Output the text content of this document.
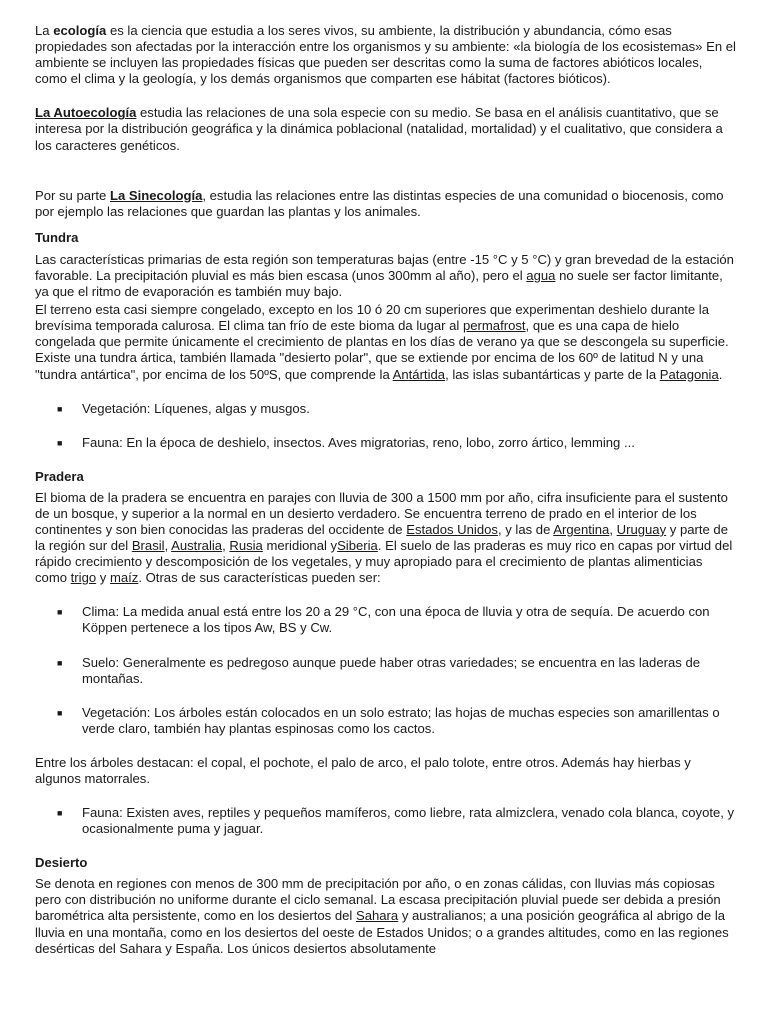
La ecología es la ciencia que estudia a los seres vivos, su ambiente, la distribución y abundancia, cómo esas propiedades son afectadas por la interacción entre los organismos y su ambiente: «la biología de los ecosistemas» En el ambiente se incluyen las propiedades físicas que pueden ser descritas como la suma de factores abióticos locales, como el clima y la geología, y los demás organismos que comparten ese hábitat (factores bióticos).

La Autoecología estudia las relaciones de una sola especie con su medio. Se basa en el análisis cuantitativo, que se interesa por la distribución geográfica y la dinámica poblacional (natalidad, mortalidad) y el cualitativo, que considera a los caracteres genéticos.

Por su parte La Sinecología, estudia las relaciones entre las distintas especies de una comunidad o biocenosis, como por ejemplo las relaciones que guardan las plantas y los animales.

Tundra

Las características primarias de esta región son temperaturas bajas (entre -15 °C y 5 °C) y gran brevedad de la estación favorable. La precipitación pluvial es más bien escasa (unos 300mm al año), pero el agua no suele ser factor limitante, ya que el ritmo de evaporación es también muy bajo.

El terreno esta casi siempre congelado, excepto en los 10 ó 20 cm superiores que experimentan deshielo durante la brevísima temporada calurosa. El clima tan frío de este bioma da lugar al permafrost, que es una capa de hielo congelada que permite únicamente el crecimiento de plantas en los días de verano ya que se descongela su superficie. Existe una tundra ártica, también llamada "desierto polar", que se extiende por encima de los 60º de latitud N y una "tundra antártica", por encima de los 50ºS, que comprende la Antártida, las islas subantárticas y parte de la Patagonia.

■ Vegetación: Líquenes, algas y musgos.
■ Fauna: En la época de deshielo, insectos. Aves migratorias, reno, lobo, zorro ártico, lemming ...
Pradera

El bioma de la pradera se encuentra en parajes con lluvia de 300 a 1500 mm por año, cifra insuficiente para el sustento de un bosque, y superior a la normal en un desierto verdadero. Se encuentra terreno de prado en el interior de los continentes y son bien conocidas las praderas del occidente de Estados Unidos, y las de Argentina, Uruguay y parte de la región sur del Brasil, Australia, Rusia meridional ySiberia. El suelo de las praderas es muy rico en capas por virtud del rápido crecimiento y descomposición de los vegetales, y muy apropiado para el crecimiento de plantas alimenticias como trigo y maíz. Otras de sus características pueden ser:

■ Clima: La medida anual está entre los 20 a 29 °C, con una época de lluvia y otra de sequía. De acuerdo con Köppen pertenece a los tipos Aw, BS y Cw.
■ Suelo: Generalmente es pedregoso aunque puede haber otras variedades; se encuentra en las laderas de montañas.
■ Vegetación: Los árboles están colocados en un solo estrato; las hojas de muchas especies son amarillentas o verde claro, también hay plantas espinosas como los cactos.

Entre los árboles destacan: el copal, el pochote, el palo de arco, el palo tolote, entre otros. Además hay hierbas y algunos matorrales.

■ Fauna: Existen aves, reptiles y pequeños mamíferos, como liebre, rata almizclera, venado cola blanca, coyote, y ocasionalmente puma y jaguar.
Desierto

Se denota en regiones con menos de 300 mm de precipitación por año, o en zonas cálidas, con lluvias más copiosas pero con distribución no uniforme durante el ciclo semanal. La escasa precipitación pluvial puede ser debida a presión barométrica alta persistente, como en los desiertos del Sahara y australianos; a una posición geográfica al abrigo de la lluvia en una montaña, como en los desiertos del oeste de Estados Unidos; o a grandes altitudes, como en las regiones desérticas del Sahara y España. Los únicos desiertos absolutamente
